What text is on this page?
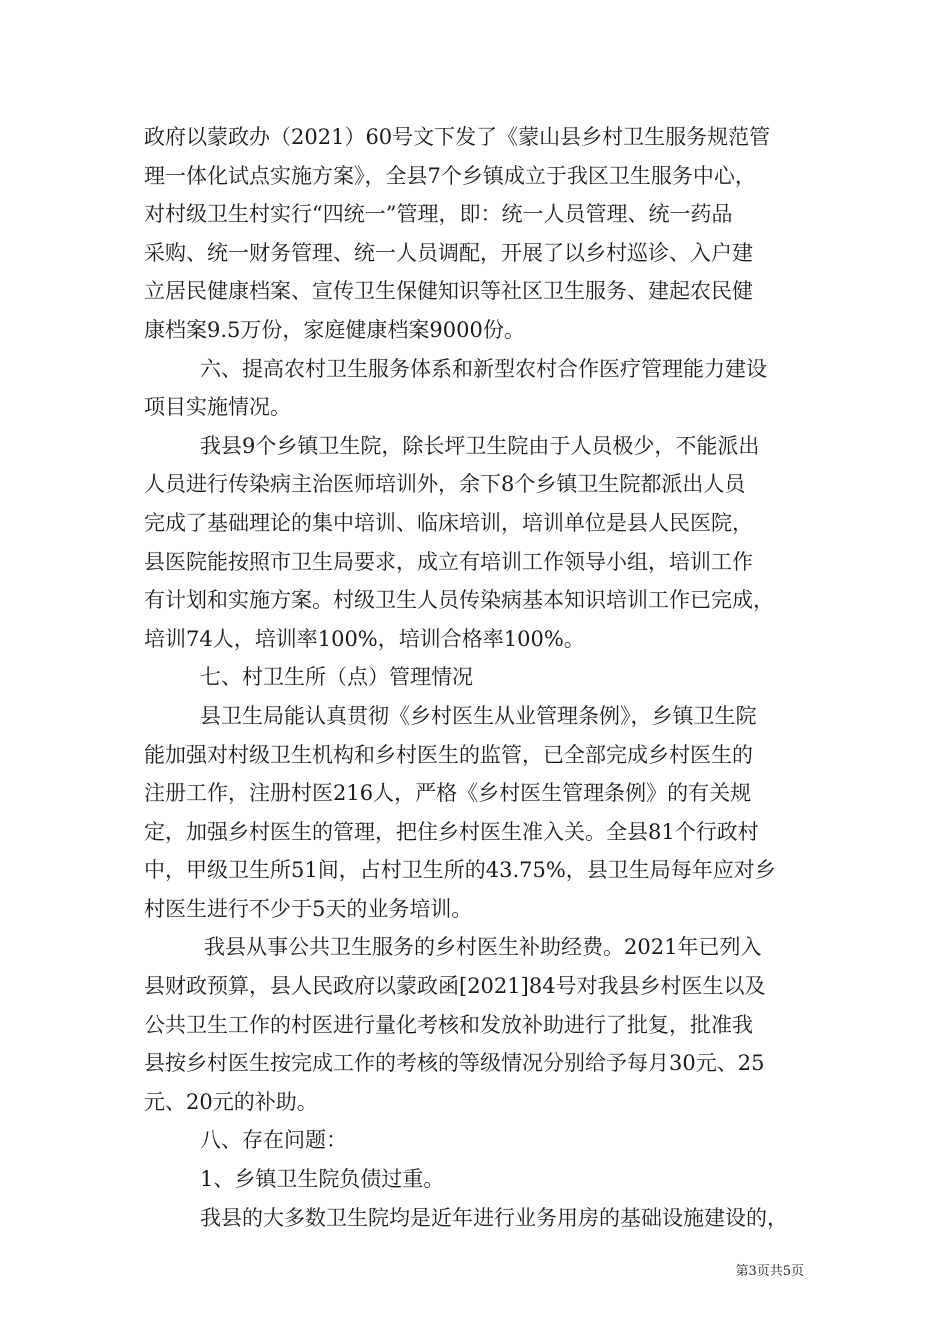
政府以蒙政办（2021）60号文下发了《蒙山县乡村卫生服务规范管
理一体化试点实施方案》，全县7个乡镇成立于我区卫生服务中心，
对村级卫生村实行“四统一”管理，即：统一人员管理、统一药品
采购、统一财务管理、统一人员调配，开展了以乡村巡诊、入户建
立居民健康档案、宣传卫生保健知识等社区卫生服务、建起农民健
康档案9.5万份，家庭健康档案9000份。
六、提高农村卫生服务体系和新型农村合作医疗管理能力建设
项目实施情况。
我县9个乡镇卫生院，除长坪卫生院由于人员极少，不能派出
人员进行传染病主治医师培训外，余下8个乡镇卫生院都派出人员
完成了基础理论的集中培训、临床培训，培训单位是县人民医院，
县医院能按照市卫生局要求，成立有培训工作领导小组，培训工作
有计划和实施方案。村级卫生人员传染病基本知识培训工作已完成，
培训74人，培训率100%，培训合格率100%。
七、村卫生所（点）管理情况
县卫生局能认真贯彻《乡村医生从业管理条例》，乡镇卫生院
能加强对村级卫生机构和乡村医生的监管，已全部完成乡村医生的
注册工作，注册村医216人，严格《乡村医生管理条例》的有关规
定，加强乡村医生的管理，把住乡村医生准入关。全县81个行政村
中，甲级卫生所51间，占村卫生所的43.75%，县卫生局每年应对乡
村医生进行不少于5天的业务培训。
我县从事公共卫生服务的乡村医生补助经费。2021年已列入
县财政预算，县人民政府以蒙政函[2021]84号对我县乡村医生以及
公共卫生工作的村医进行量化考核和发放补助进行了批复，批准我
县按乡村医生按完成工作的考核的等级情况分别给予每月30元、25
元、20元的补助。
八、存在问题：
1、乡镇卫生院负债过重。
我县的大多数卫生院均是近年进行业务用房的基础设施建设的，
第3页共5页
